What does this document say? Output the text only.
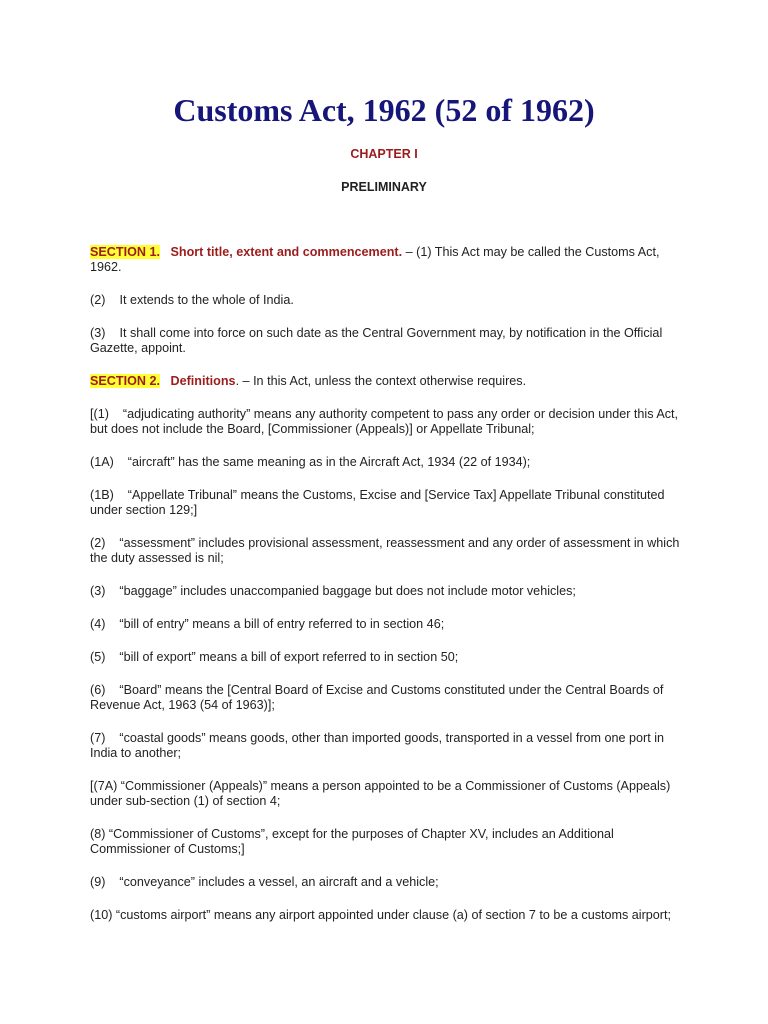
Customs Act, 1962 (52 of 1962)
CHAPTER I
PRELIMINARY

SECTION 1. Short title, extent and commencement. – (1) This Act may be called the Customs Act, 1962.

(2) It extends to the whole of India.

(3) It shall come into force on such date as the Central Government may, by notification in the Official Gazette, appoint.

SECTION 2. Definitions. – In this Act, unless the context otherwise requires.

[(1) “adjudicating authority” means any authority competent to pass any order or decision under this Act, but does not include the Board, [Commissioner (Appeals)] or Appellate Tribunal;

(1A) “aircraft” has the same meaning as in the Aircraft Act, 1934 (22 of 1934);

(1B) “Appellate Tribunal” means the Customs, Excise and [Service Tax] Appellate Tribunal constituted under section 129;]

(2) “assessment” includes provisional assessment, reassessment and any order of assessment in which the duty assessed is nil;

(3) “baggage” includes unaccompanied baggage but does not include motor vehicles;

(4) “bill of entry” means a bill of entry referred to in section 46;

(5) “bill of export” means a bill of export referred to in section 50;

(6) “Board” means the [Central Board of Excise and Customs constituted under the Central Boards of Revenue Act, 1963 (54 of 1963)];

(7) “coastal goods” means goods, other than imported goods, transported in a vessel from one port in India to another;

[(7A) “Commissioner (Appeals)” means a person appointed to be a Commissioner of Customs (Appeals) under sub-section (1) of section 4;

(8) “Commissioner of Customs”, except for the purposes of Chapter XV, includes an Additional Commissioner of Customs;]

(9) “conveyance” includes a vessel, an aircraft and a vehicle;

(10) “customs airport” means any airport appointed under clause (a) of section 7 to be a customs airport;
